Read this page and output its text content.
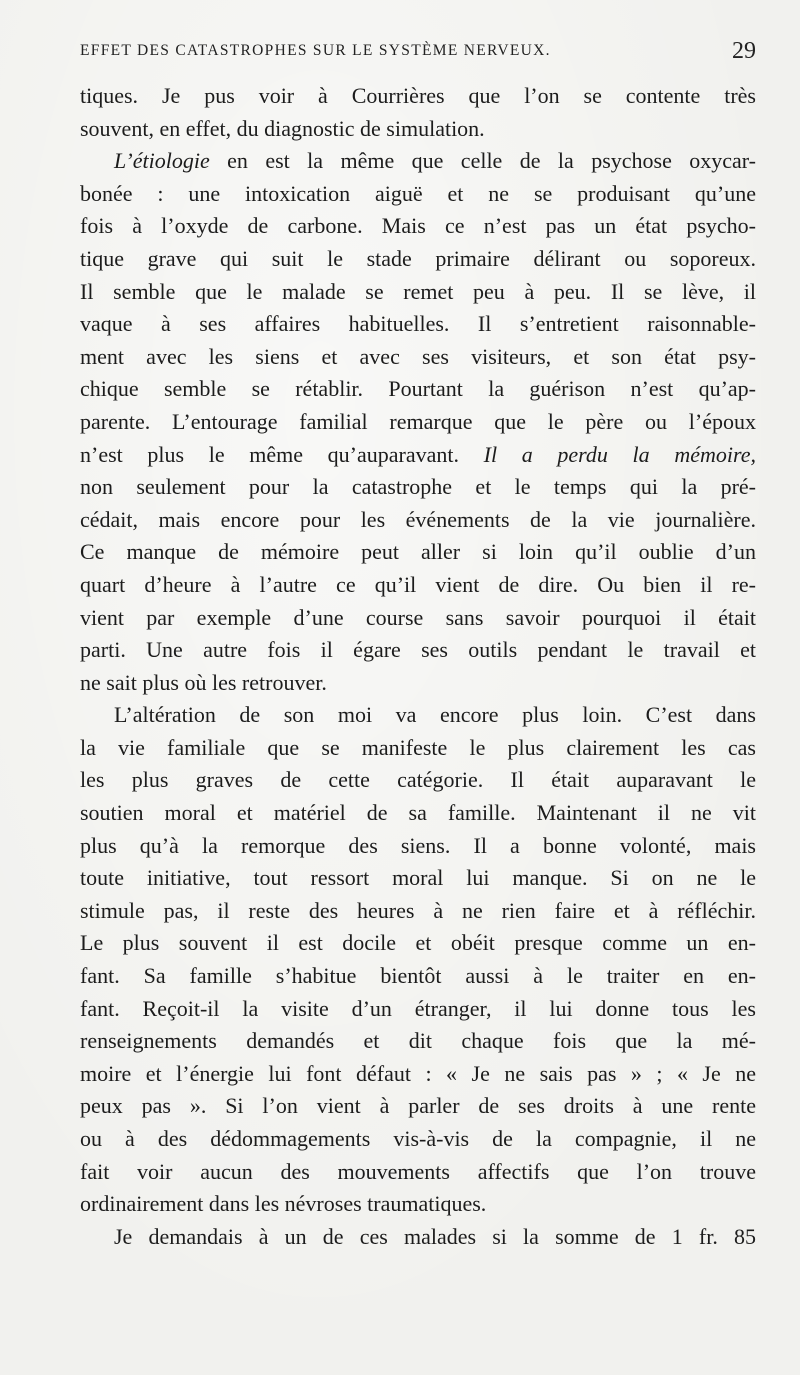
EFFET DES CATASTROPHES SUR LE SYSTÈME NERVEUX.	29
tiques. Je pus voir à Courrières que l’on se contente très
souvent, en effet, du diagnostic de simulation.
L’étiologie en est la même que celle de la psychose oxycar-
bonée : une intoxication aiguë et ne se produisant qu’une
fois à l’oxyde de carbone. Mais ce n’est pas un état psycho-
tique grave qui suit le stade primaire délirant ou soporeux.
Il semble que le malade se remet peu à peu. Il se lève, il
vaque à ses affaires habituelles. Il s’entretient raisonnable-
ment avec les siens et avec ses visiteurs, et son état psy-
chique semble se rétablir. Pourtant la guérison n’est qu’ap-
parente. L’entourage familial remarque que le père ou l’époux
n’est plus le même qu’auparavant. Il a perdu la mémoire,
non seulement pour la catastrophe et le temps qui la pré-
cédait, mais encore pour les événements de la vie journalière.
Ce manque de mémoire peut aller si loin qu’il oublie d’un
quart d’heure à l’autre ce qu’il vient de dire. Ou bien il re-
vient par exemple d’une course sans savoir pourquoi il était
parti. Une autre fois il égare ses outils pendant le travail et
ne sait plus où les retrouver.
L’altération de son moi va encore plus loin. C’est dans
la vie familiale que se manifeste le plus clairement les cas
les plus graves de cette catégorie. Il était auparavant le
soutien moral et matériel de sa famille. Maintenant il ne vit
plus qu’à la remorque des siens. Il a bonne volonté, mais
toute initiative, tout ressort moral lui manque. Si on ne le
stimule pas, il reste des heures à ne rien faire et à réfléchir.
Le plus souvent il est docile et obéit presque comme un en-
fant. Sa famille s’habitue bientôt aussi à le traiter en en-
fant. Reçoit-il la visite d’un étranger, il lui donne tous les
renseignements demandés et dit chaque fois que la mé-
moire et l’énergie lui font défaut : « Je ne sais pas » ; « Je ne
peux pas ». Si l’on vient à parler de ses droits à une rente
ou à des dédommagements vis-à-vis de la compagnie, il ne
fait voir aucun des mouvements affectifs que l’on trouve
ordinairement dans les névroses traumatiques.
Je demandais à un de ces malades si la somme de 1 fr. 85
